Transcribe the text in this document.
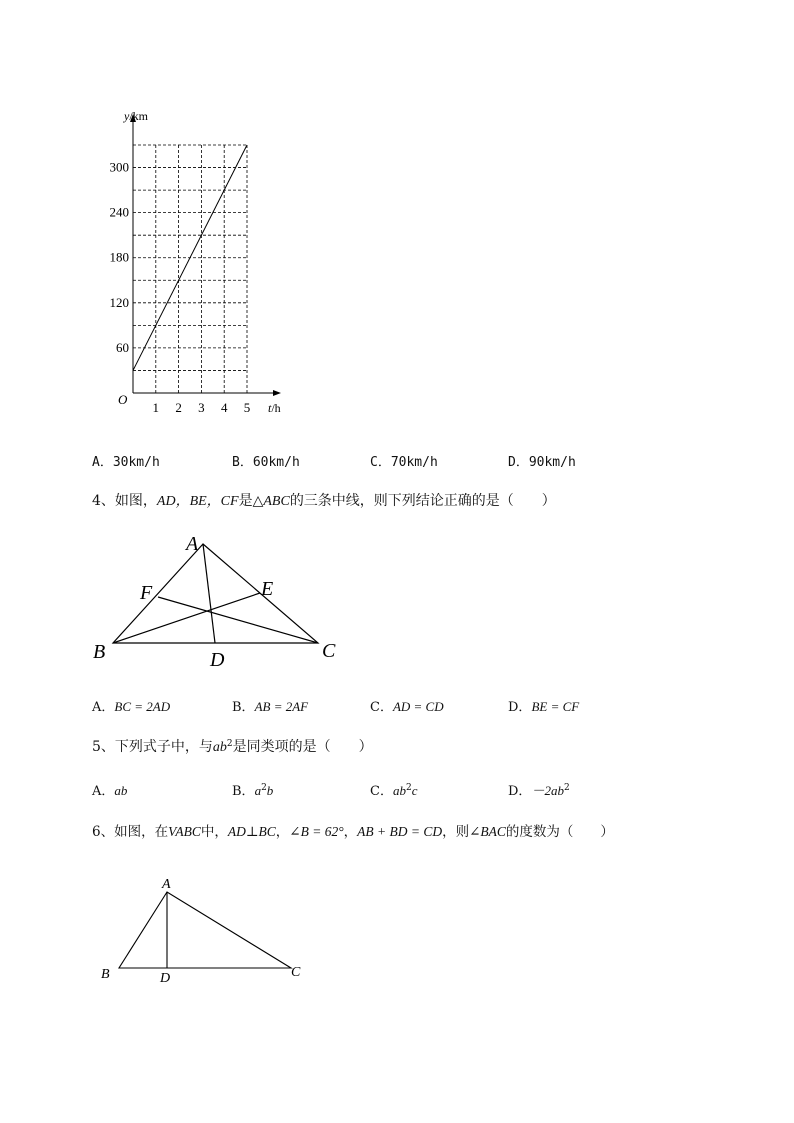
60
120
180
240
300
1 2 3 4 5
O
y/km
t/h
A．30km/h	B．60km/h	C．70km/h	D．90km/h
4、如图，AD，BE，CF是△ABC的三条中线，则下列结论正确的是（　　）
A
B	C
D
E
F
A．BC = 2AD	B．AB = 2AF	C．AD = CD	D．BE = CF
5、下列式子中，与$ab^2$是同类项的是（　　）
A．ab	B．$a^2b$	C．$ab^2c$	D．$-2ab^2$
6、如图，在VABC中，AD⊥BC，∠B = 62°，AB + BD = CD，则∠BAC的度数为（　　）
A
B	C
D
